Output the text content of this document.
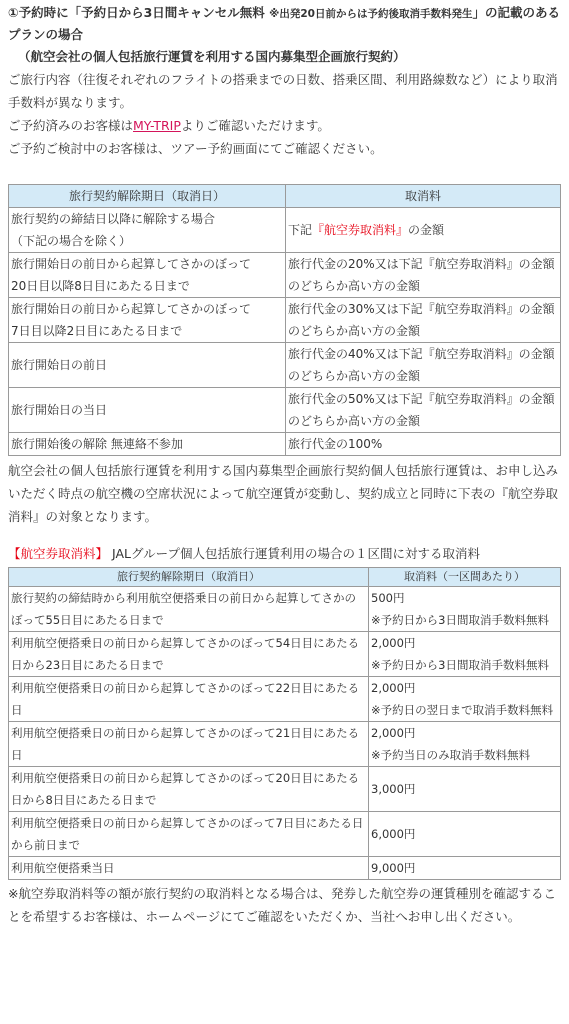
①予約時に「予約日から3日間キャンセル無料 ※出発20日前からは予約後取消手数料発生」の記載のあるプランの場合
（航空会社の個人包括旅行運賃を利用する国内募集型企画旅行契約）

ご旅行内容（往復それぞれのフライトの搭乗までの日数、搭乗区間、利用路線数など）により取消手数料が異なります。

ご予約済みのお客様はMY-TRIPよりご確認いただけます。

ご予約ご検討中のお客様は、ツアー予約画面にてご確認ください。

旅行契約解除期日（取消日）	取消料

旅行契約の締結日以降に解除する場合
（下記の場合を除く）	下記『航空券取消料』の金額

旅行開始日の前日から起算してさかのぼって
20日目以降8日目にあたる日まで	旅行代金の20%又は下記『航空券取消料』の金額のどちらか高い方の金額

旅行開始日の前日から起算してさかのぼって
7日目以降2日目にあたる日まで	旅行代金の30%又は下記『航空券取消料』の金額のどちらか高い方の金額

旅行開始日の前日	旅行代金の40%又は下記『航空券取消料』の金額のどちらか高い方の金額

旅行開始日の当日	旅行代金の50%又は下記『航空券取消料』の金額のどちらか高い方の金額

旅行開始後の解除 無連絡不参加	旅行代金の100%

航空会社の個人包括旅行運賃を利用する国内募集型企画旅行契約個人包括旅行運賃は、お申し込みいただく時点の航空機の空席状況によって航空運賃が変動し、契約成立と同時に下表の『航空券取消料』の対象となります。

【航空券取消料】 JALグループ個人包括旅行運賃利用の場合の１区間に対する取消料
旅行契約解除期日（取消日）	取消料（一区間あたり）
旅行契約の締結時から利用航空便搭乗日の前日から起算してさかのぼって55日目にあたる日まで	500円
※予約日から3日間取消手数料無料

利用航空便搭乗日の前日から起算してさかのぼって54日目にあたる日から23日目にあたる日まで	2,000円
※予約日から3日間取消手数料無料

利用航空便搭乗日の前日から起算してさかのぼって22日目にあたる日	2,000円
※予約日の翌日まで取消手数料無料

利用航空便搭乗日の前日から起算してさかのぼって21日目にあたる日	2,000円
※予約当日のみ取消手数料無料

利用航空便搭乗日の前日から起算してさかのぼって20日目にあたる日から8日目にあたる日まで	3,000円

利用航空便搭乗日の前日から起算してさかのぼって7日目にあたる日から前日まで	6,000円

利用航空便搭乗当日	9,000円

※航空券取消料等の額が旅行契約の取消料となる場合は、発券した航空券の運賃種別を確認することを希望するお客様は、ホームページにてご確認をいただくか、当社へお申し出ください。
